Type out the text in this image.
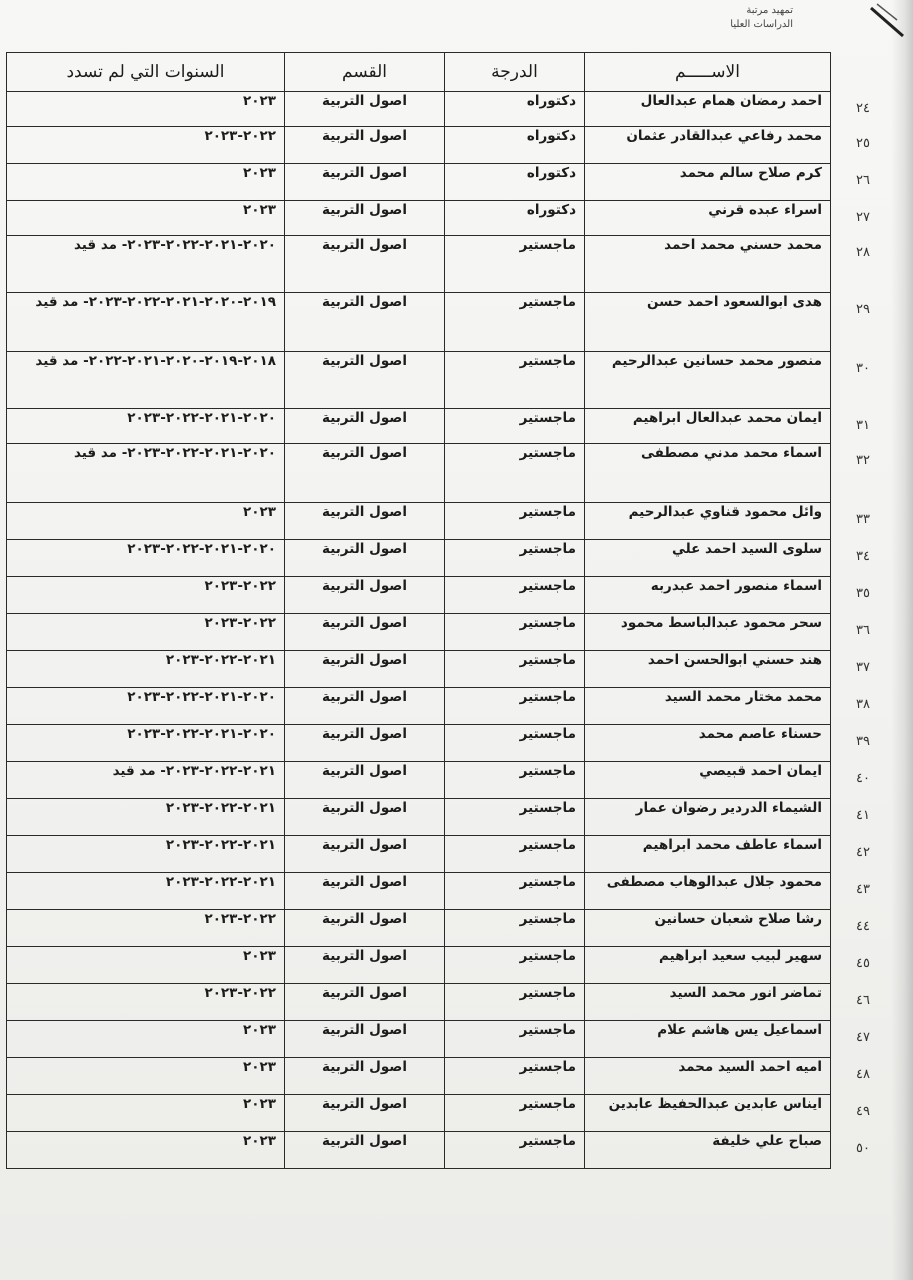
تمهيد مرتبة
الدراسات العليا
الاســـــم	الدرجة	القسم	السنوات التي لم تسدد
احمد رمضان همام عبدالعال	دكتوراه	اصول التربية	٢٠٢٣
محمد رفاعي عبدالقادر عثمان	دكتوراه	اصول التربية	٢٠٢٢-٢٠٢٣
كرم صلاح سالم محمد	دكتوراه	اصول التربية	٢٠٢٣
اسراء عبده قرني	دكتوراه	اصول التربية	٢٠٢٣
محمد حسني محمد احمد	ماجستير	اصول التربية	٢٠٢٠-٢٠٢١-٢٠٢٢-٢٠٢٣- مد قيد
هدى ابوالسعود احمد حسن	ماجستير	اصول التربية	٢٠١٩-٢٠٢٠-٢٠٢١-٢٠٢٢-٢٠٢٣- مد قيد
منصور محمد حسانين عبدالرحيم	ماجستير	اصول التربية	٢٠١٨-٢٠١٩-٢٠٢٠-٢٠٢١-٢٠٢٢- مد قيد
ايمان محمد عبدالعال ابراهيم	ماجستير	اصول التربية	٢٠٢٠-٢٠٢١-٢٠٢٢-٢٠٢٣
اسماء محمد مدني مصطفى	ماجستير	اصول التربية	٢٠٢٠-٢٠٢١-٢٠٢٢-٢٠٢٣- مد قيد
وائل محمود قناوي عبدالرحيم	ماجستير	اصول التربية	٢٠٢٣
سلوى السيد احمد علي	ماجستير	اصول التربية	٢٠٢٠-٢٠٢١-٢٠٢٢-٢٠٢٣
اسماء منصور احمد عبدربه	ماجستير	اصول التربية	٢٠٢٢-٢٠٢٣
سحر محمود عبدالباسط محمود	ماجستير	اصول التربية	٢٠٢٢-٢٠٢٣
هند حسني ابوالحسن احمد	ماجستير	اصول التربية	٢٠٢١-٢٠٢٢-٢٠٢٣
محمد مختار محمد السيد	ماجستير	اصول التربية	٢٠٢٠-٢٠٢١-٢٠٢٢-٢٠٢٣
حسناء عاصم محمد	ماجستير	اصول التربية	٢٠٢٠-٢٠٢١-٢٠٢٢-٢٠٢٣
ايمان احمد قبيصي	ماجستير	اصول التربية	٢٠٢١-٢٠٢٢-٢٠٢٣- مد قيد
الشيماء الدردير رضوان عمار	ماجستير	اصول التربية	٢٠٢١-٢٠٢٢-٢٠٢٣
اسماء عاطف محمد ابراهيم	ماجستير	اصول التربية	٢٠٢١-٢٠٢٢-٢٠٢٣
محمود جلال عبدالوهاب مصطفى	ماجستير	اصول التربية	٢٠٢١-٢٠٢٢-٢٠٢٣
رشا صلاح شعبان حسانين	ماجستير	اصول التربية	٢٠٢٢-٢٠٢٣
سهير لبيب سعيد ابراهيم	ماجستير	اصول التربية	٢٠٢٣
تماضر انور محمد السيد	ماجستير	اصول التربية	٢٠٢٢-٢٠٢٣
اسماعيل يس هاشم علام	ماجستير	اصول التربية	٢٠٢٣
اميه احمد السيد محمد	ماجستير	اصول التربية	٢٠٢٣
ايناس عابدين عبدالحفيظ عابدين	ماجستير	اصول التربية	٢٠٢٣
صباح علي خليفة	ماجستير	اصول التربية	٢٠٢٣
٢٤
٢٥
٢٦
٢٧
٢٨
٢٩
٣٠
٣١
٣٢
٣٣
٣٤
٣٥
٣٦
٣٧
٣٨
٣٩
٤٠
٤١
٤٢
٤٣
٤٤
٤٥
٤٦
٤٧
٤٨
٤٩
٥٠
